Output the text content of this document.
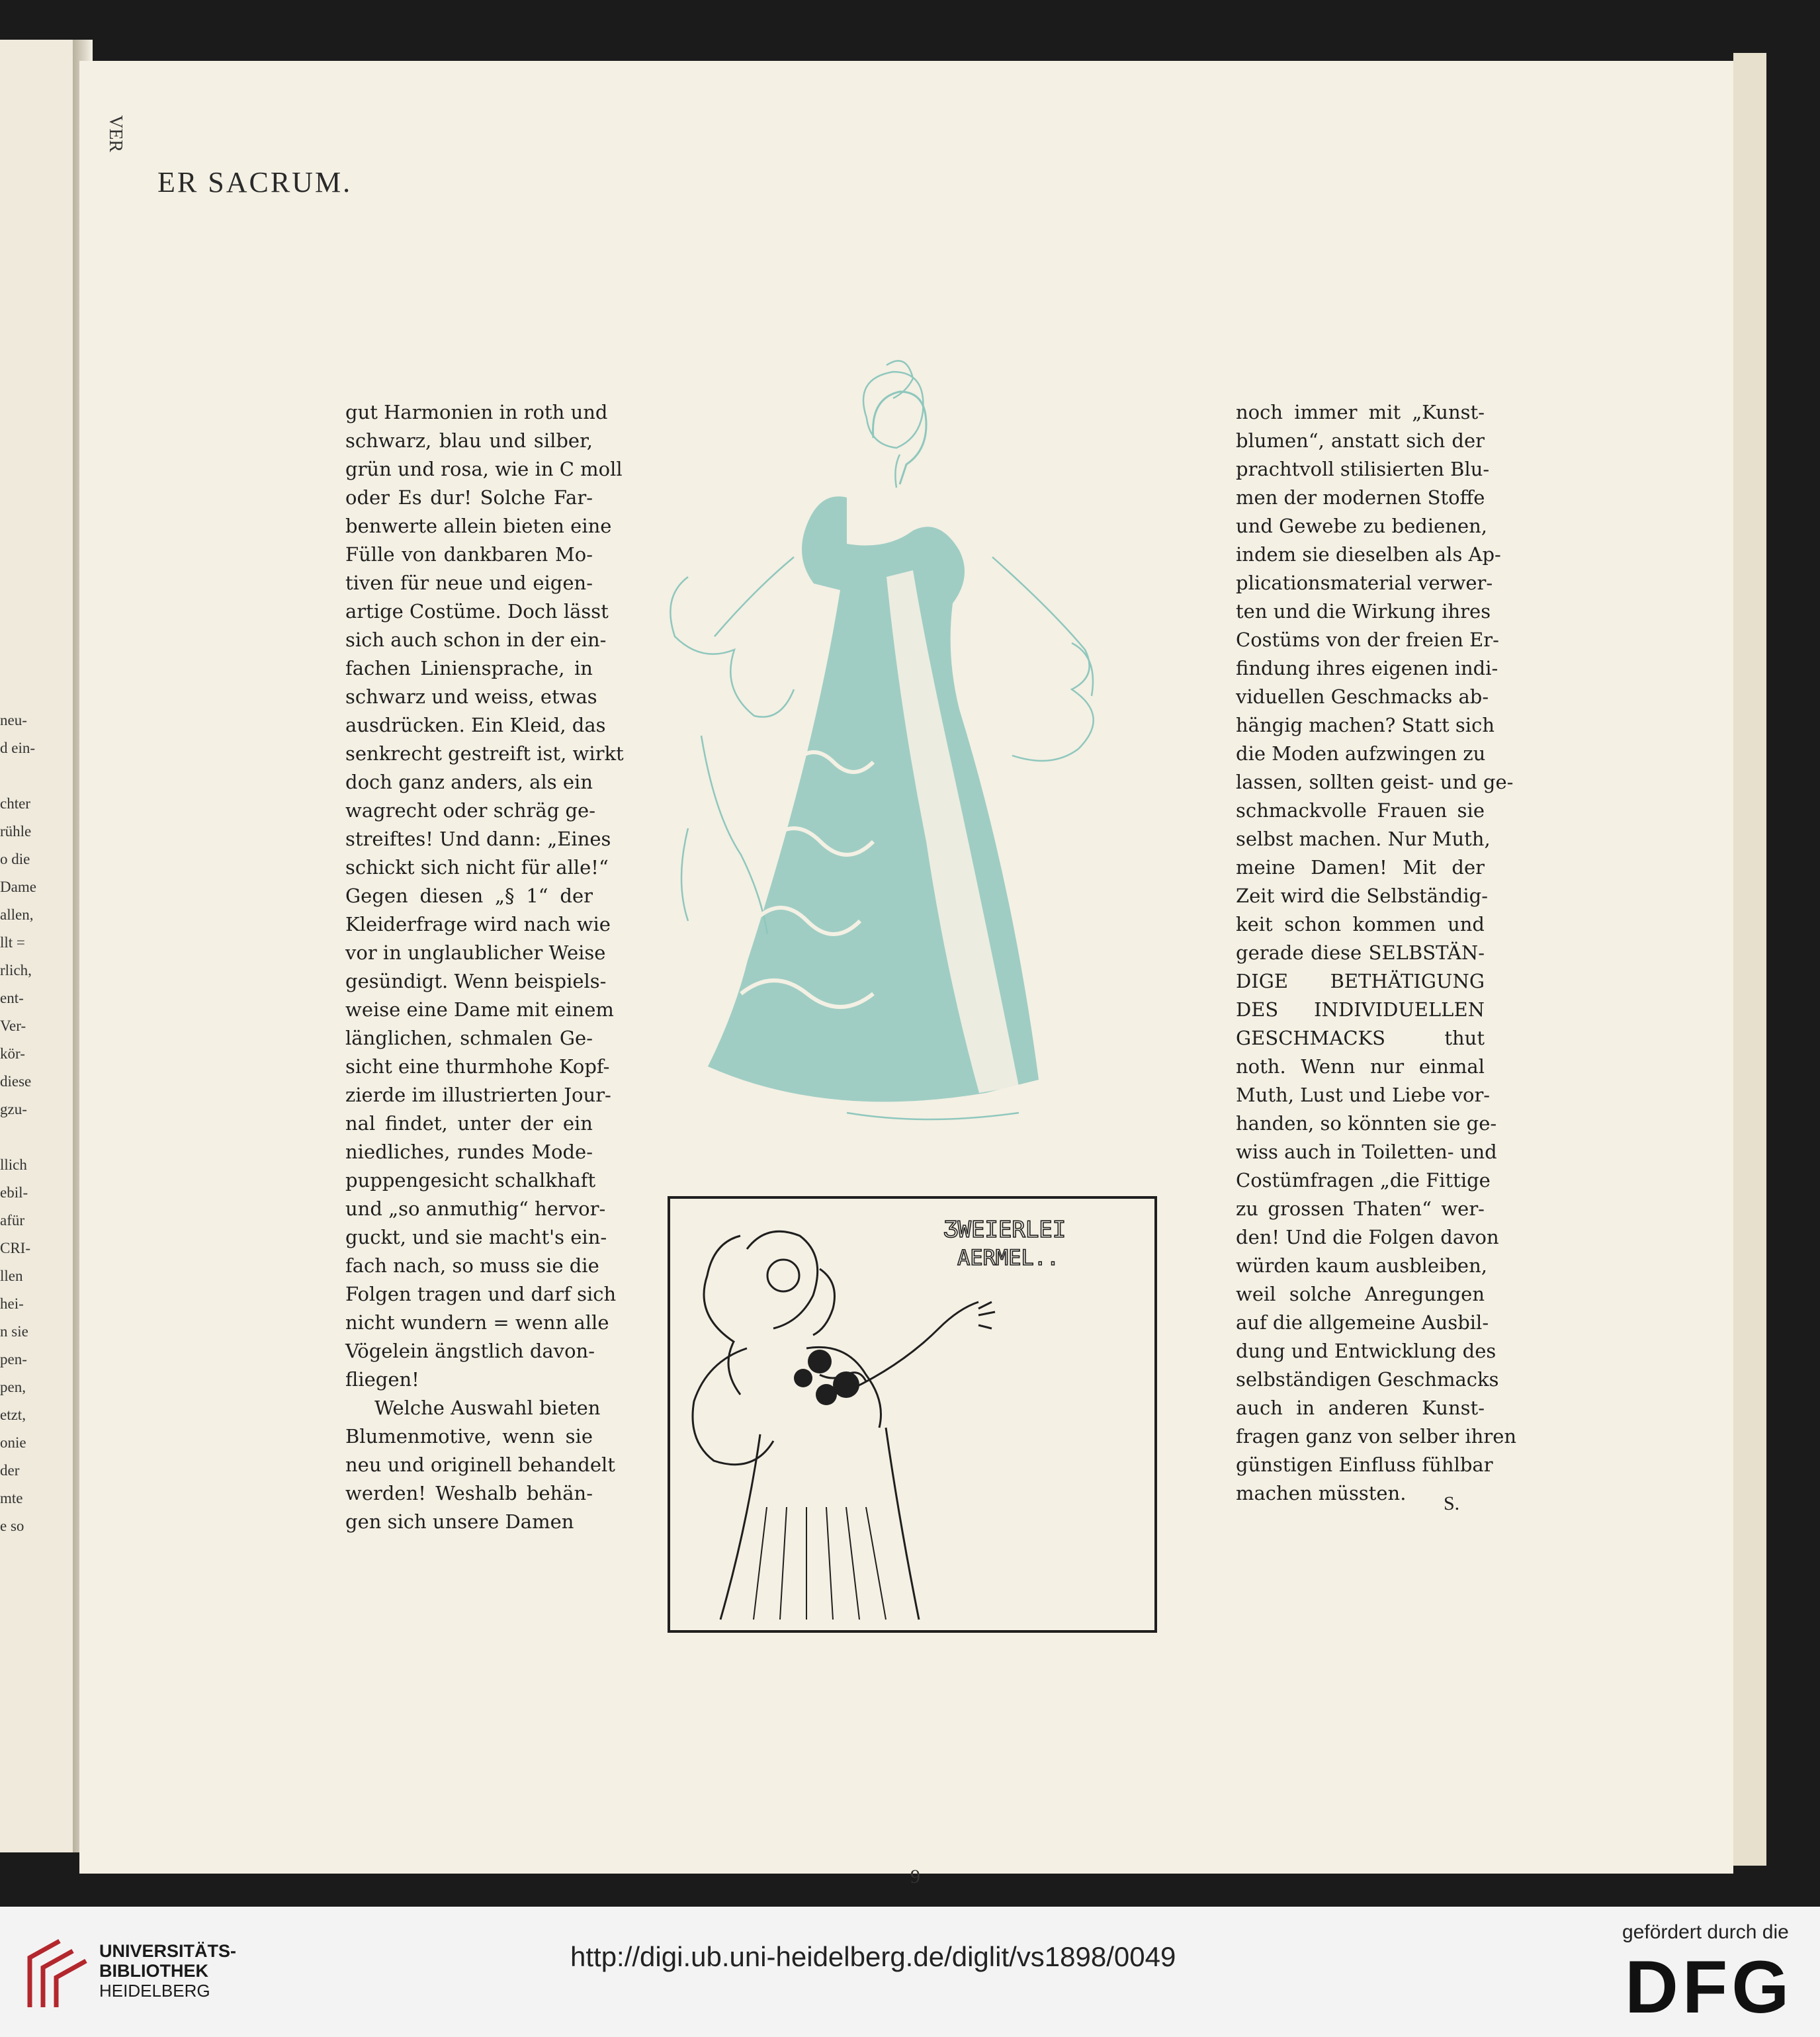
VER
ER SACRUM.
gut Harmonien in roth und
schwarz, blau und silber,
grün und rosa, wie in C moll
oder Es dur! Solche Far-
benwerte allein bieten eine
Fülle von dankbaren Mo-
tiven für neue und eigen-
artige Costüme. Doch lässt
sich auch schon in der ein-
fachen Liniensprache, in
schwarz und weiss, etwas
ausdrücken. Ein Kleid, das
senkrecht gestreift ist, wirkt
doch ganz anders, als ein
wagrecht oder schräg ge-
streiftes! Und dann: „Eines
schickt sich nicht für alle!“
Gegen diesen „§ 1“ der
Kleiderfrage wird nach wie
vor in unglaublicher Weise
gesündigt. Wenn beispiels-
weise eine Dame mit einem
länglichen, schmalen Ge-
sicht eine thurmhohe Kopf-
zierde im illustrierten Jour-
nal findet, unter der ein
niedliches, rundes Mode-
puppengesicht schalkhaft
und „so anmuthig“ hervor-
guckt, und sie macht's ein-
fach nach, so muss sie die
Folgen tragen und darf sich
nicht wundern = wenn alle
Vögelein ängstlich davon-
fliegen!
Welche Auswahl bieten
Blumenmotive, wenn sie
neu und originell behandelt
werden! Weshalb behän-
gen sich unsere Damen
noch immer mit „Kunst-
blumen“, anstatt sich der
prachtvoll stilisierten Blu-
men der modernen Stoffe
und Gewebe zu bedienen,
indem sie dieselben als Ap-
plicationsmaterial verwer-
ten und die Wirkung ihres
Costüms von der freien Er-
findung ihres eigenen indi-
viduellen Geschmacks ab-
hängig machen? Statt sich
die Moden aufzwingen zu
lassen, sollten geist- und ge-
schmackvolle Frauen sie
selbst machen. Nur Muth,
meine Damen! Mit der
Zeit wird die Selbständig-
keit schon kommen und
gerade diese SELBSTÄN-
DIGE BETHÄTIGUNG
DES INDIVIDUELLEN
GESCHMACKS thut
noth. Wenn nur einmal
Muth, Lust und Liebe vor-
handen, so könnten sie ge-
wiss auch in Toiletten- und
Costümfragen „die Fittige
zu grossen Thaten“ wer-
den! Und die Folgen davon
würden kaum ausbleiben,
weil solche Anregungen
auf die allgemeine Ausbil-
dung und Entwicklung des
selbständigen Geschmacks
auch in anderen Kunst-
fragen ganz von selber ihren
günstigen Einfluss fühlbar
machen müssten.	S.
ƷWEIERLEI
AERMEL..
9
neu-
d ein-
chter
rühle
o die
Dame
allen,
llt =
rlich,
ent-
Ver-
kör-
diese
gzu-
llich
ebil-
afür
CRI-
llen
hei-
n sie
pen-
pen,
etzt,
onie
der
mte
e so
UNIVERSITÄTS-
BIBLIOTHEK
HEIDELBERG
http://digi.ub.uni-heidelberg.de/diglit/vs1898/0049
gefördert durch die
DFG
